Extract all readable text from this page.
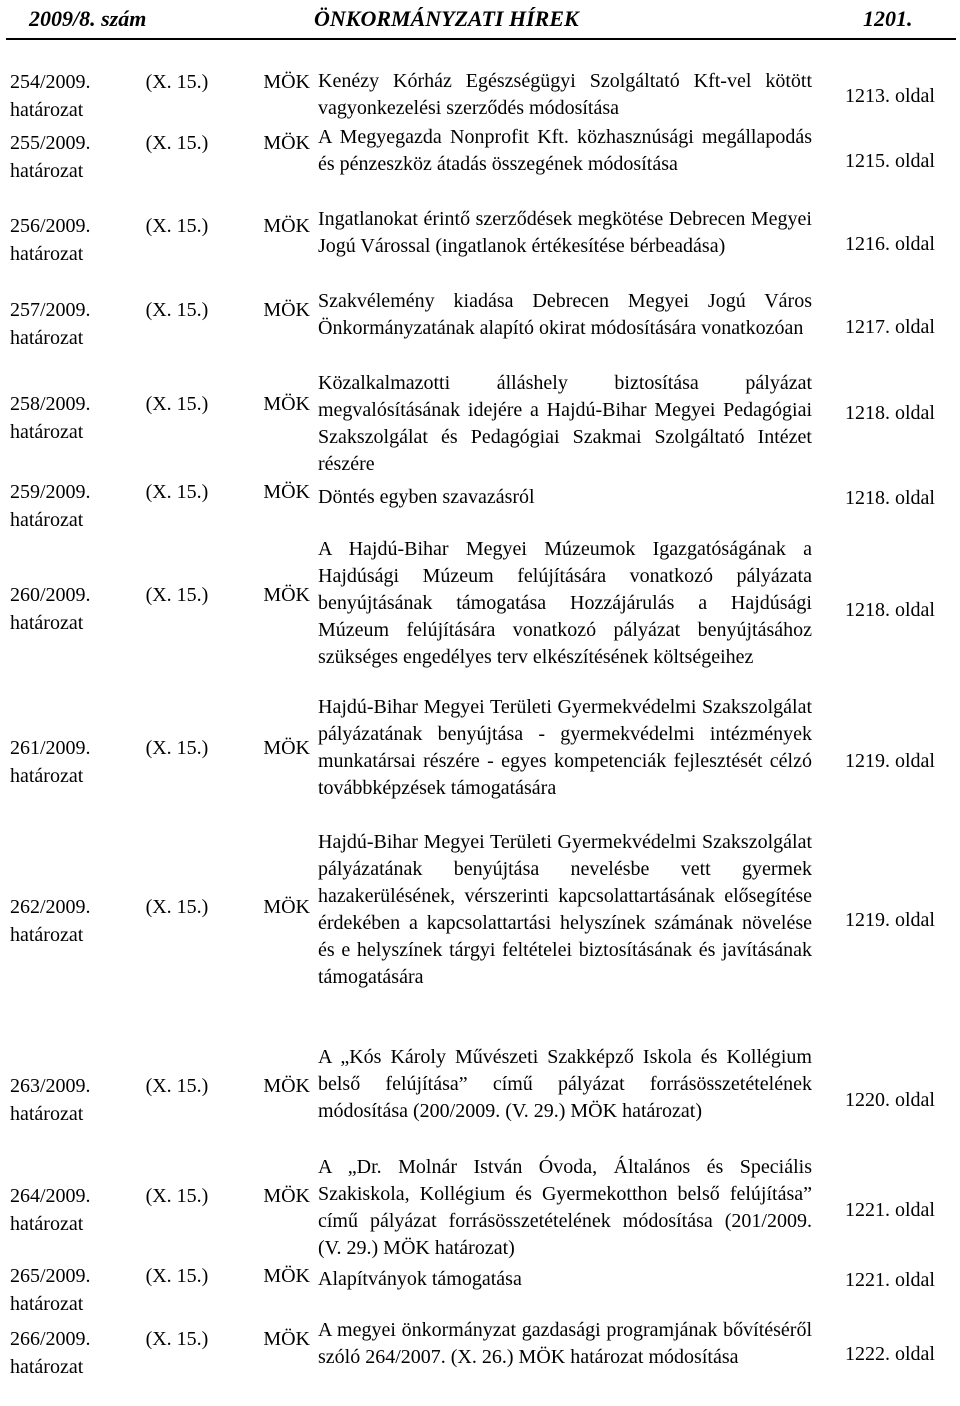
2009/8. szám	ÖNKORMÁNYZATI HÍREK	1201.
254/2009.	(X. 15.)	MÖK
határozat
Kenézy Kórház Egészségügyi Szolgáltató Kft-vel kötött vagyonkezelési szerződés módosítása
1213. oldal
255/2009.	(X. 15.)	MÖK
határozat
A Megyegazda Nonprofit Kft. közhasznúsági megállapodás és pénzeszköz átadás összegének módosítása	1215. oldal
256/2009.	(X. 15.)	MÖK
határozat
Ingatlanokat érintő szerződések megkötése Debrecen Megyei Jogú Várossal (ingatlanok értékesítése bérbeadása)	1216. oldal
257/2009.	(X. 15.)	MÖK
határozat
Szakvélemény kiadása Debrecen Megyei Jogú Város Önkormányzatának alapító okirat módosítására vonatkozóan	1217. oldal
258/2009.	(X. 15.)	MÖK
határozat
Közalkalmazotti álláshely biztosítása pályázat megvalósításának idejére a Hajdú-Bihar Megyei Pedagógiai Szakszolgálat és Pedagógiai Szakmai Szolgáltató Intézet részére
1218. oldal
259/2009.	(X. 15.)	MÖK
határozat
Döntés egyben szavazásról	1218. oldal
260/2009.	(X. 15.)	MÖK
határozat
A Hajdú-Bihar Megyei Múzeumok Igazgatóságának a Hajdúsági Múzeum felújítására vonatkozó pályázata benyújtásának támogatása Hozzájárulás a Hajdúsági Múzeum felújítására vonatkozó pályázat benyújtásához szükséges engedélyes terv elkészítésének költségeihez
1218. oldal
261/2009.	(X. 15.)	MÖK
határozat
Hajdú-Bihar Megyei Területi Gyermekvédelmi Szakszolgálat pályázatának benyújtása - gyermekvédelmi intézmények munkatársai részére - egyes kompetenciák fejlesztését célzó továbbképzések támogatására
1219. oldal
262/2009.	(X. 15.)	MÖK
határozat
Hajdú-Bihar Megyei Területi Gyermekvédelmi Szakszolgálat pályázatának benyújtása nevelésbe vett gyermek hazakerülésének, vérszerinti kapcsolattartásának elősegítése érdekében a kapcsolattartási helyszínek számának növelése és e helyszínek tárgyi feltételei biztosításának és javításának támogatására
1219. oldal
263/2009.	(X. 15.)	MÖK
határozat
A „Kós Károly Művészeti Szakképző Iskola és Kollégium belső felújítása” című pályázat forrásösszetételének módosítása (200/2009. (V. 29.) MÖK határozat)	1220. oldal
264/2009.	(X. 15.)	MÖK
határozat
A „Dr. Molnár István Óvoda, Általános és Speciális Szakiskola, Kollégium és Gyermekotthon belső felújítása” című pályázat forrásösszetételének módosítása (201/2009. (V. 29.) MÖK határozat)
1221. oldal
265/2009.	(X. 15.)	MÖK
határozat
Alapítványok támogatása	1221. oldal
266/2009.	(X. 15.)	MÖK
határozat
A megyei önkormányzat gazdasági programjának bővítéséről szóló 264/2007. (X. 26.) MÖK határozat módosítása	1222. oldal
